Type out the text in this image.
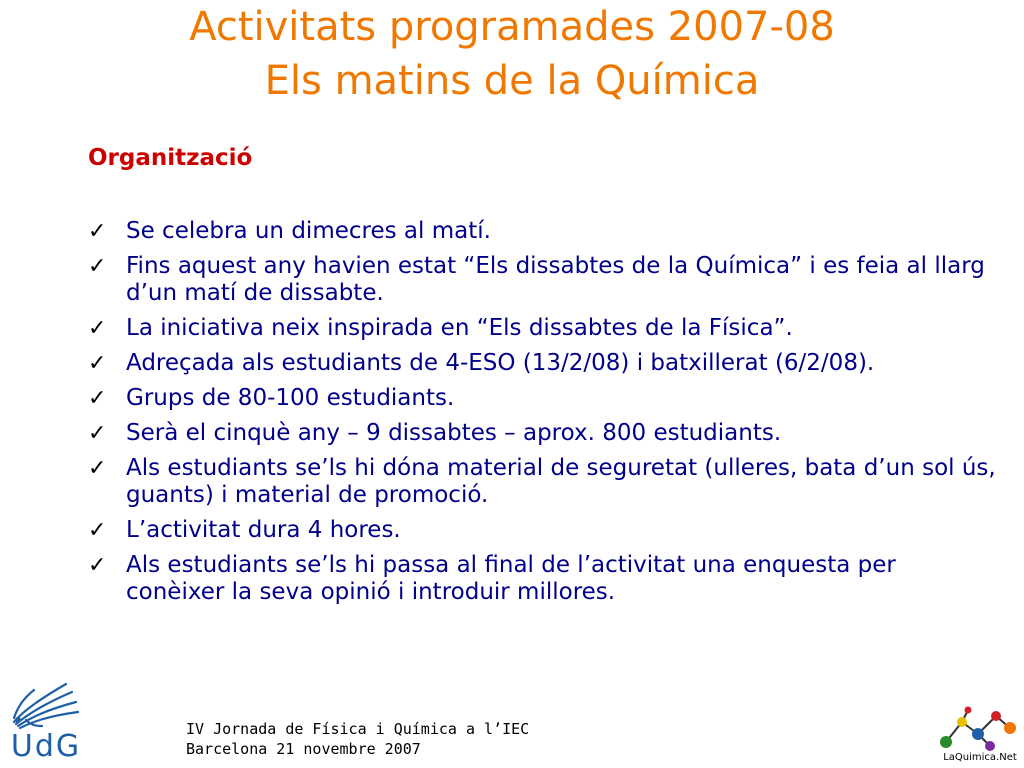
Activitats programades 2007-08
Els matins de la Química
Organització
✓ Se celebra un dimecres al matí.
✓ Fins aquest any havien estat “Els dissabtes de la Química” i es feia al llarg d’un matí de dissabte.
✓ La iniciativa neix inspirada en “Els dissabtes de la Física”.
✓ Adreçada als estudiants de 4-ESO (13/2/08) i batxillerat (6/2/08).
✓ Grups de 80-100 estudiants.
✓ Serà el cinquè any – 9 dissabtes – aprox. 800 estudiants.
✓ Als estudiants se’ls hi dóna material de seguretat (ulleres, bata d’un sol ús, guants) i material de promoció.
✓ L’activitat dura 4 hores.
✓ Als estudiants se’ls hi passa al final de l’activitat una enquesta per conèixer la seva opinió i introduir millores.
UdG	IV Jornada de Física i Química a l’IEC
Barcelona 21 novembre 2007	LaQuimica.Net
